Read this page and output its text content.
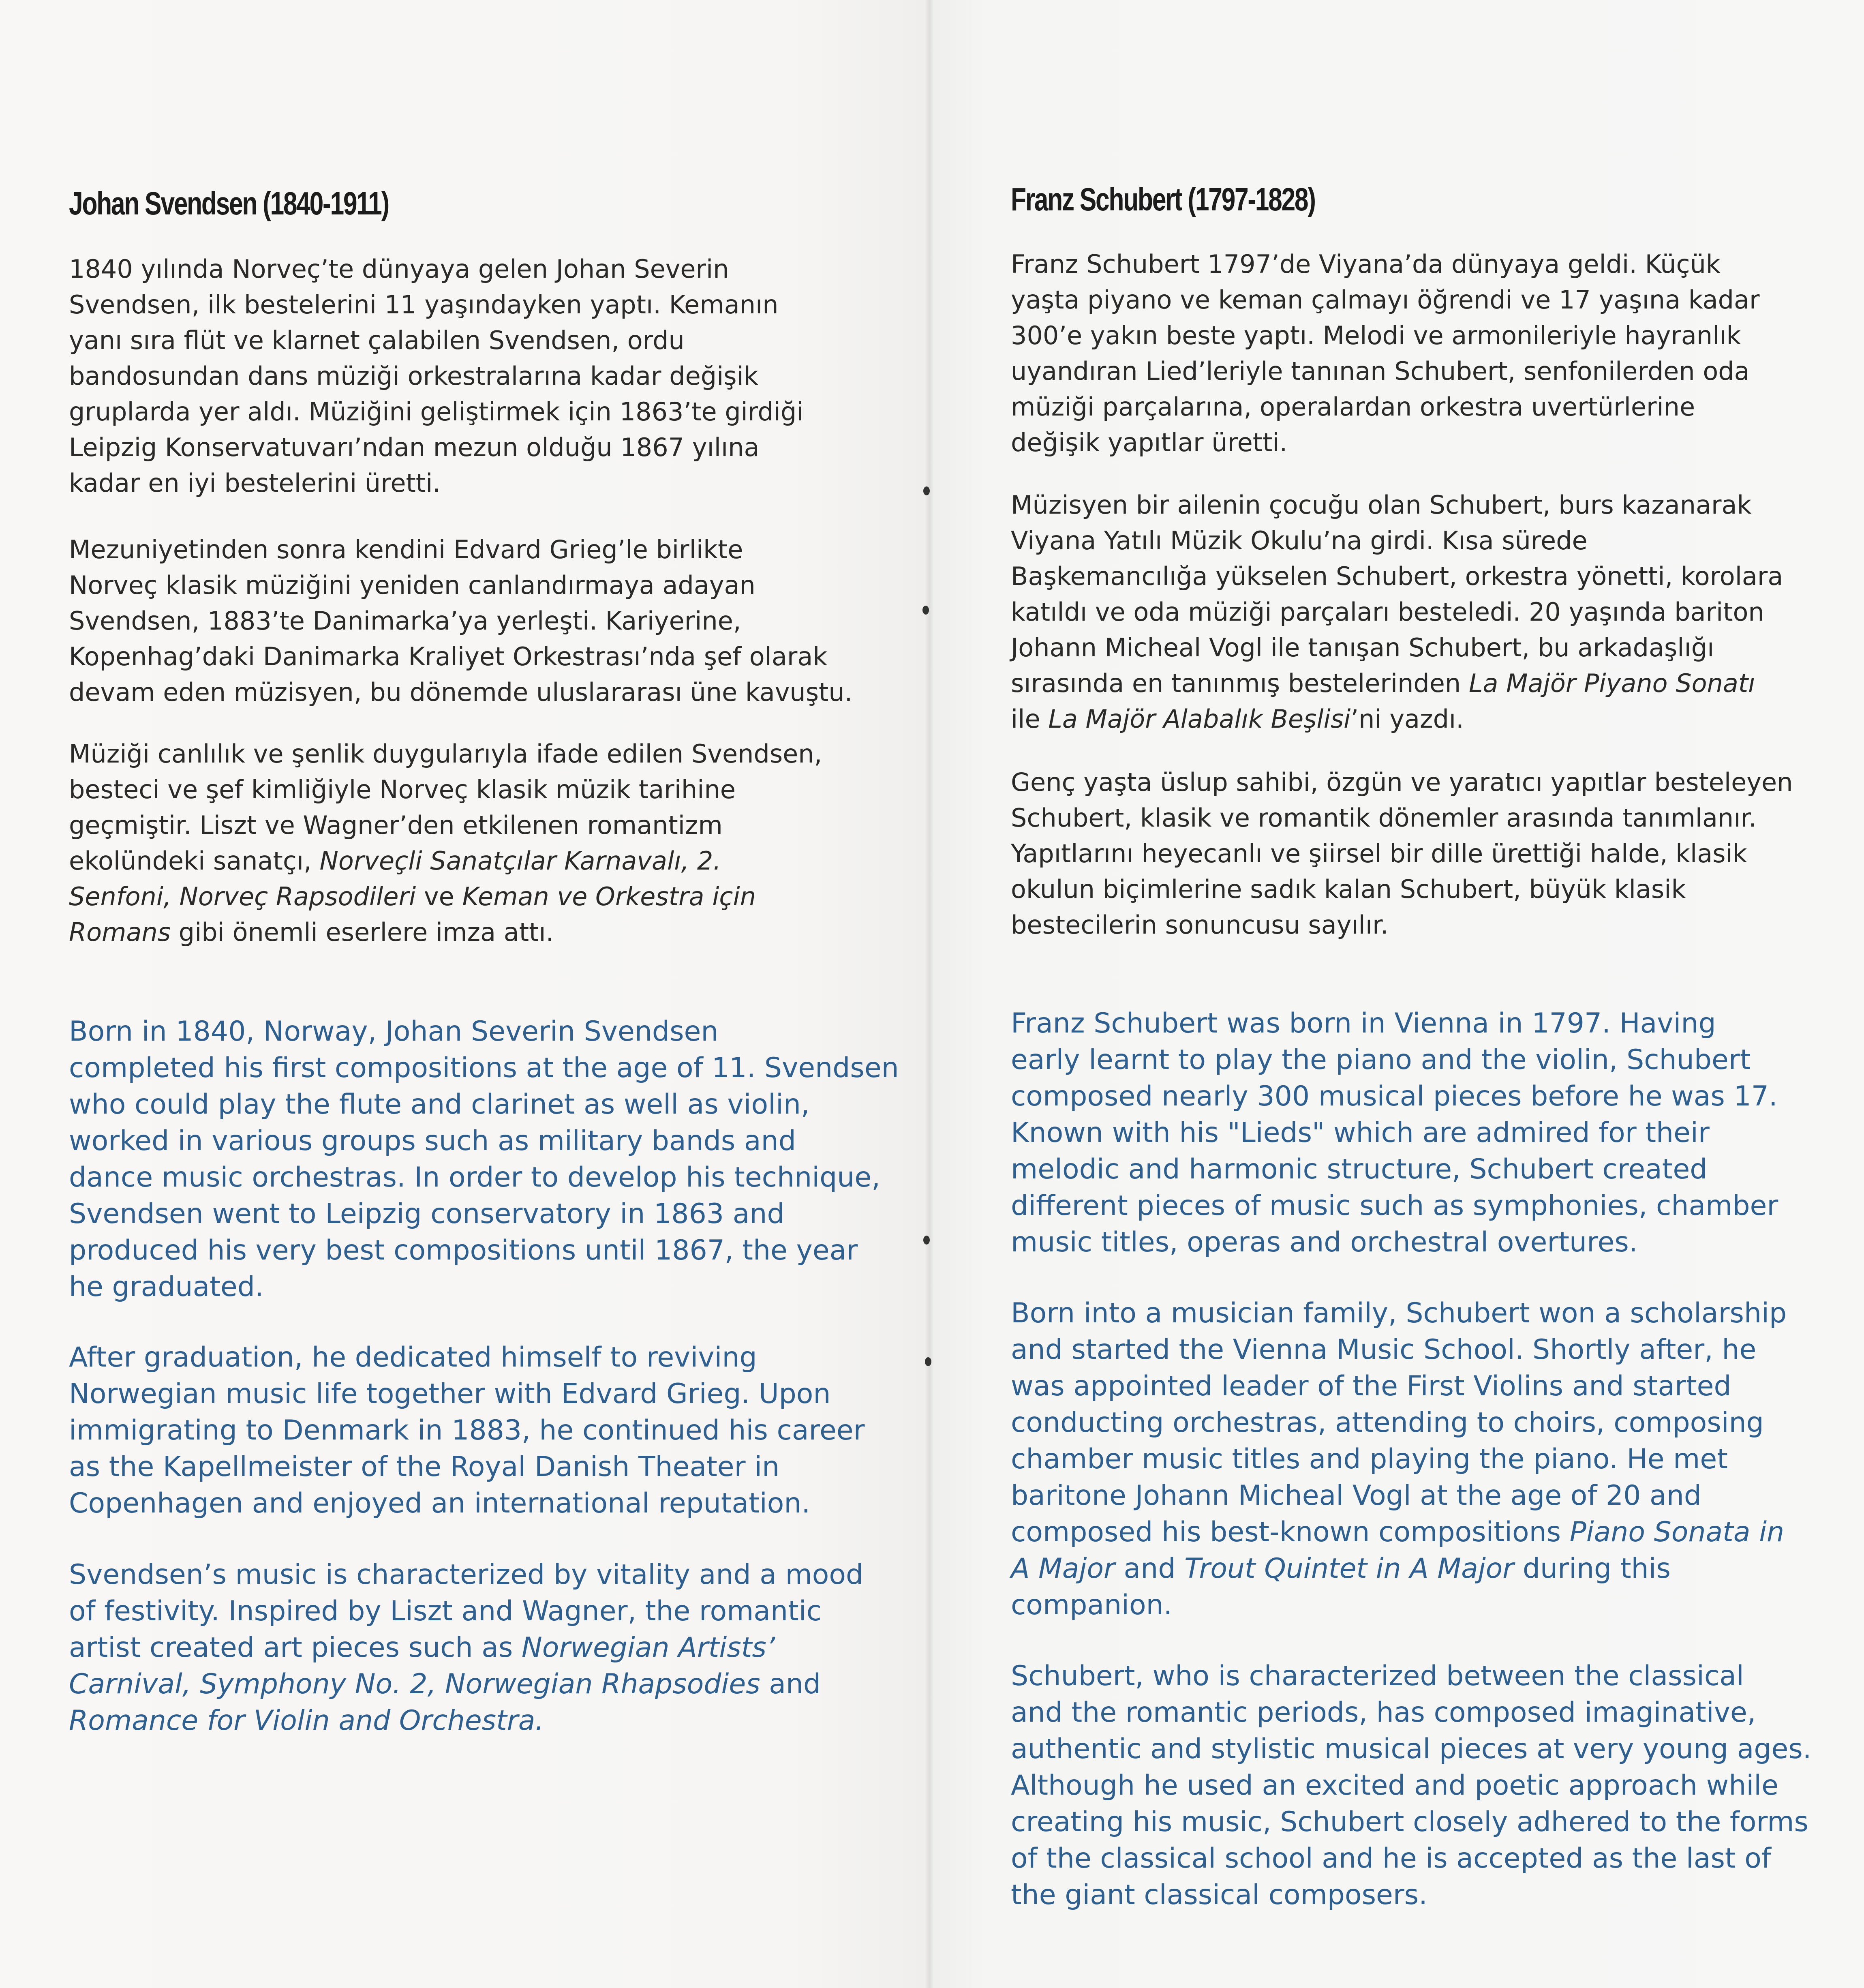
Johan Svendsen (1840-1911)

1840 yılında Norveç’te dünyaya gelen Johan Severin
Svendsen, ilk bestelerini 11 yaşındayken yaptı. Kemanın
yanı sıra flüt ve klarnet çalabilen Svendsen, ordu
bandosundan dans müziği orkestralarına kadar değişik
gruplarda yer aldı. Müziğini geliştirmek için 1863’te girdiği
Leipzig Konservatuvarı’ndan mezun olduğu 1867 yılına
kadar en iyi bestelerini üretti.

Mezuniyetinden sonra kendini Edvard Grieg’le birlikte
Norveç klasik müziğini yeniden canlandırmaya adayan
Svendsen, 1883’te Danimarka’ya yerleşti. Kariyerine,
Kopenhag’daki Danimarka Kraliyet Orkestrası’nda şef olarak
devam eden müzisyen, bu dönemde uluslararası üne kavuştu.

Müziği canlılık ve şenlik duygularıyla ifade edilen Svendsen,
besteci ve şef kimliğiyle Norveç klasik müzik tarihine
geçmiştir. Liszt ve Wagner’den etkilenen romantizm
ekolündeki sanatçı, Norveçli Sanatçılar Karnavalı, 2.
Senfoni, Norveç Rapsodileri ve Keman ve Orkestra için
Romans gibi önemli eserlere imza attı.

Born in 1840, Norway, Johan Severin Svendsen
completed his first compositions at the age of 11. Svendsen
who could play the flute and clarinet as well as violin,
worked in various groups such as military bands and
dance music orchestras. In order to develop his technique,
Svendsen went to Leipzig conservatory in 1863 and
produced his very best compositions until 1867, the year
he graduated.

After graduation, he dedicated himself to reviving
Norwegian music life together with Edvard Grieg. Upon
immigrating to Denmark in 1883, he continued his career
as the Kapellmeister of the Royal Danish Theater in
Copenhagen and enjoyed an international reputation.

Svendsen’s music is characterized by vitality and a mood
of festivity. Inspired by Liszt and Wagner, the romantic
artist created art pieces such as Norwegian Artists’
Carnival, Symphony No. 2, Norwegian Rhapsodies and
Romance for Violin and Orchestra.

Franz Schubert (1797-1828)

Franz Schubert 1797’de Viyana’da dünyaya geldi. Küçük
yaşta piyano ve keman çalmayı öğrendi ve 17 yaşına kadar
300’e yakın beste yaptı. Melodi ve armonileriyle hayranlık
uyandıran Lied’leriyle tanınan Schubert, senfonilerden oda
müziği parçalarına, operalardan orkestra uvertürlerine
değişik yapıtlar üretti.

Müzisyen bir ailenin çocuğu olan Schubert, burs kazanarak
Viyana Yatılı Müzik Okulu’na girdi. Kısa sürede
Başkemancılığa yükselen Schubert, orkestra yönetti, korolara
katıldı ve oda müziği parçaları besteledi. 20 yaşında bariton
Johann Micheal Vogl ile tanışan Schubert, bu arkadaşlığı
sırasında en tanınmış bestelerinden La Majör Piyano Sonatı
ile La Majör Alabalık Beşlisi’ni yazdı.

Genç yaşta üslup sahibi, özgün ve yaratıcı yapıtlar besteleyen
Schubert, klasik ve romantik dönemler arasında tanımlanır.
Yapıtlarını heyecanlı ve şiirsel bir dille ürettiği halde, klasik
okulun biçimlerine sadık kalan Schubert, büyük klasik
bestecilerin sonuncusu sayılır.

Franz Schubert was born in Vienna in 1797. Having
early learnt to play the piano and the violin, Schubert
composed nearly 300 musical pieces before he was 17.
Known with his "Lieds" which are admired for their
melodic and harmonic structure, Schubert created
different pieces of music such as symphonies, chamber
music titles, operas and orchestral overtures.

Born into a musician family, Schubert won a scholarship
and started the Vienna Music School. Shortly after, he
was appointed leader of the First Violins and started
conducting orchestras, attending to choirs, composing
chamber music titles and playing the piano. He met
baritone Johann Micheal Vogl at the age of 20 and
composed his best-known compositions Piano Sonata in
A Major and Trout Quintet in A Major during this
companion.

Schubert, who is characterized between the classical
and the romantic periods, has composed imaginative,
authentic and stylistic musical pieces at very young ages.
Although he used an excited and poetic approach while
creating his music, Schubert closely adhered to the forms
of the classical school and he is accepted as the last of
the giant classical composers.
